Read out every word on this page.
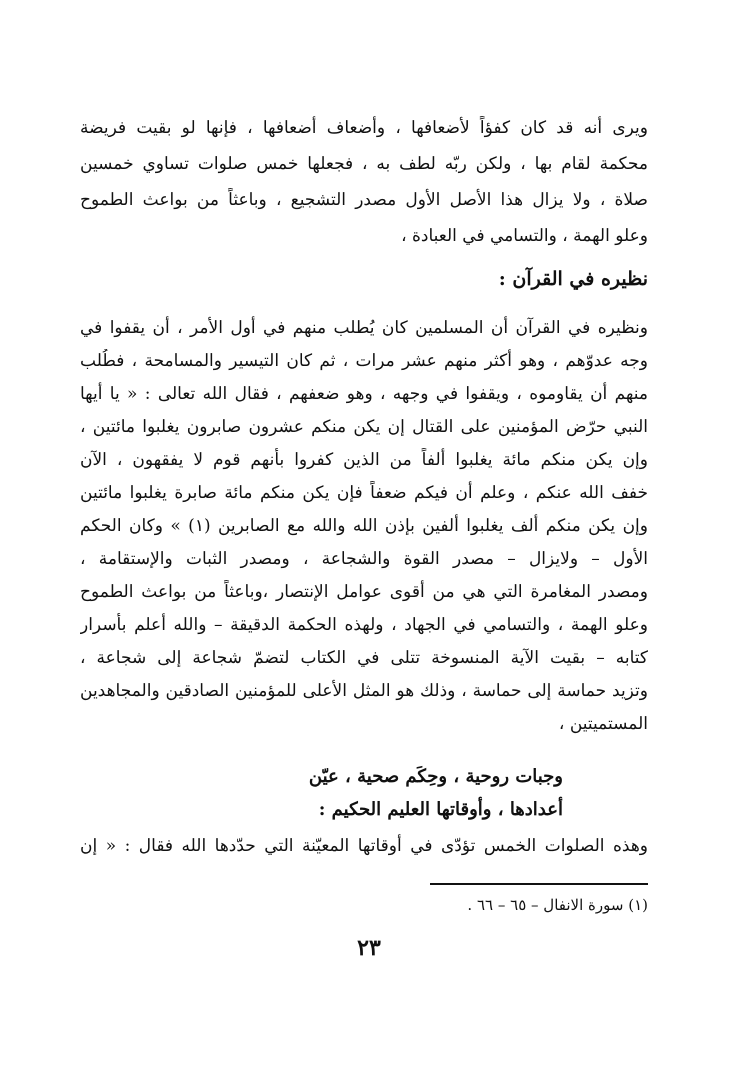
ويرى أنه قد كان كفؤاً لأضعافها ، وأضعاف أضعافها ، فإنها لو بقيت فريضة
محكمة لقام بها ، ولكن ربّه لطف به ، فجعلها خمس صلوات تساوي خمسين
صلاة ، ولا يزال هذا الأصل الأول مصدر التشجيع ، وباعثاً من بواعث الطموح
وعلو الهمة ، والتسامي في العبادة ،
نظيره في القرآن :
ونظيره في القرآن أن المسلمين كان يُطلب منهم في أول الأمر ، أن يقفوا في
وجه عدوّهم ، وهو أكثر منهم عشر مرات ، ثم كان التيسير والمسامحة ، فطُلب
منهم أن يقاوموه ، ويقفوا في وجهه ، وهو ضعفهم ، فقال الله تعالى : « يا أيها
النبي حرّض المؤمنين على القتال إن يكن منكم عشرون صابرون يغلبوا مائتين ،
وإن يكن منكم مائة يغلبوا ألفاً من الذين كفروا بأنهم قوم لا يفقهون ، الآن
خفف الله عنكم ، وعلم أن فيكم ضعفاً فإن يكن منكم مائة صابرة يغلبوا مائتين
وإن يكن منكم ألف يغلبوا ألفين بإذن الله والله مع الصابرين (١) » وكان الحكم
الأول – ولايزال – مصدر القوة والشجاعة ، ومصدر الثبات والإستقامة ،
ومصدر المغامرة التي هي من أقوى عوامل الإنتصار ،وباعثاً من بواعث الطموح
وعلو الهمة ، والتسامي في الجهاد ، ولهذه الحكمة الدقيقة – والله أعلم بأسرار
كتابه – بقيت الآية المنسوخة تتلى في الكتاب لتضمّ شجاعة إلى شجاعة ،
وتزيد حماسة إلى حماسة ، وذلك هو المثل الأعلى للمؤمنين الصادقين والمجاهدين
المستميتين ،
وجبات روحية ، وحِكَم صحية ، عيّن
أعدادها ، وأوقاتها العليم الحكيم :
وهذه الصلوات الخمس تؤدّى في أوقاتها المعيّنة التي حدّدها الله فقال : « إن
(١) سورة الانفال – ٦٥ – ٦٦ .
٢٣
